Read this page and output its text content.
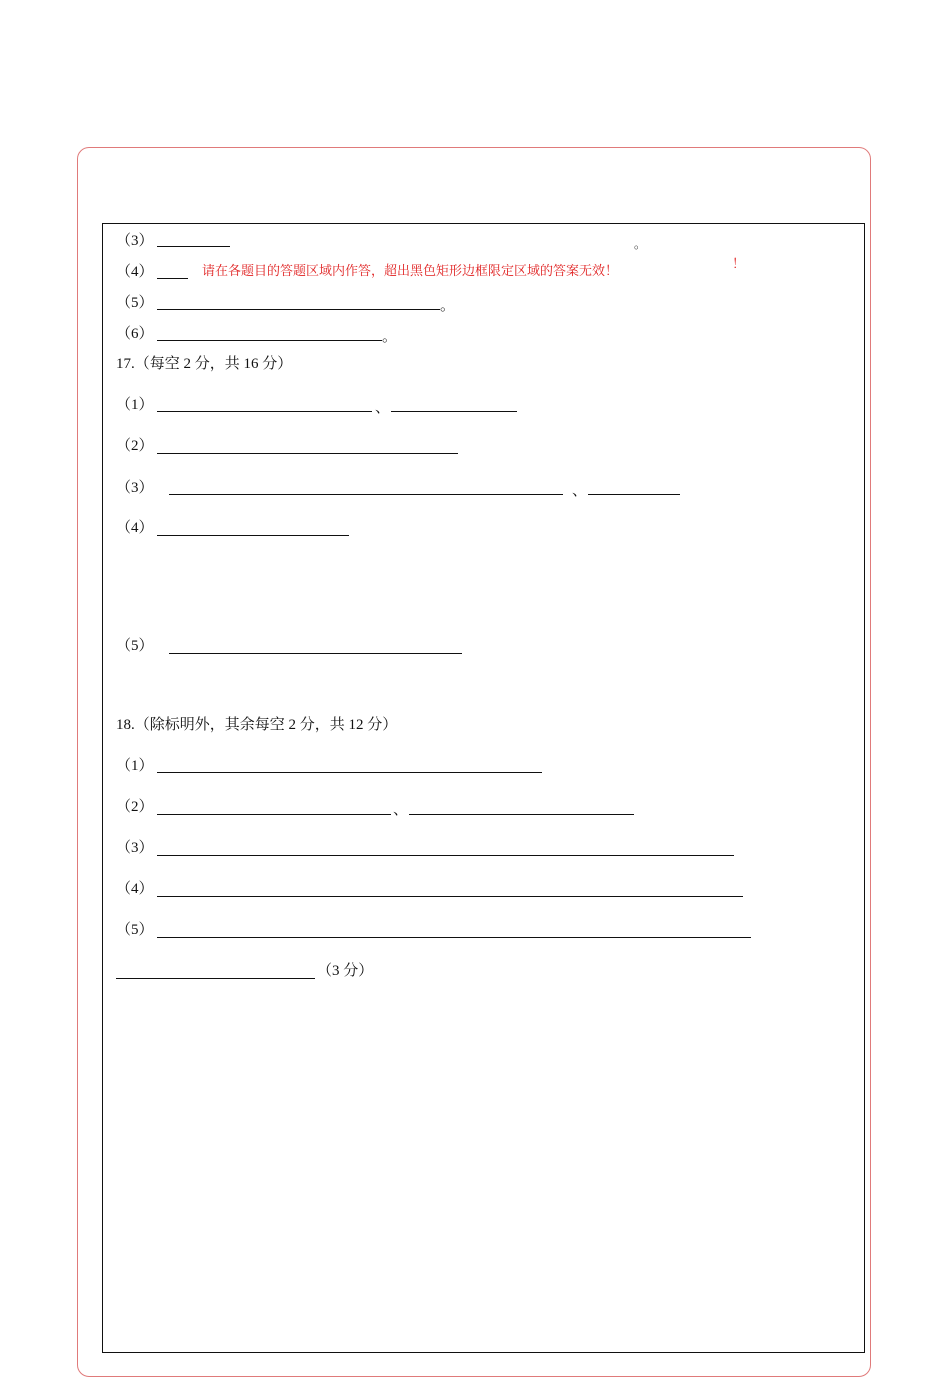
（3）	。
（4）	请在各题目的答题区域内作答，超出黑色矩形边框限定区域的答案无效！	！
（5）	。
（6）	。
17.（每空 2 分，共 16 分）
（1）	、
（2）
（3）	、
（4）
（5）
18.（除标明外，其余每空 2 分，共 12 分）
（1）
（2）	、
（3）
（4）
（5）
（3 分）
